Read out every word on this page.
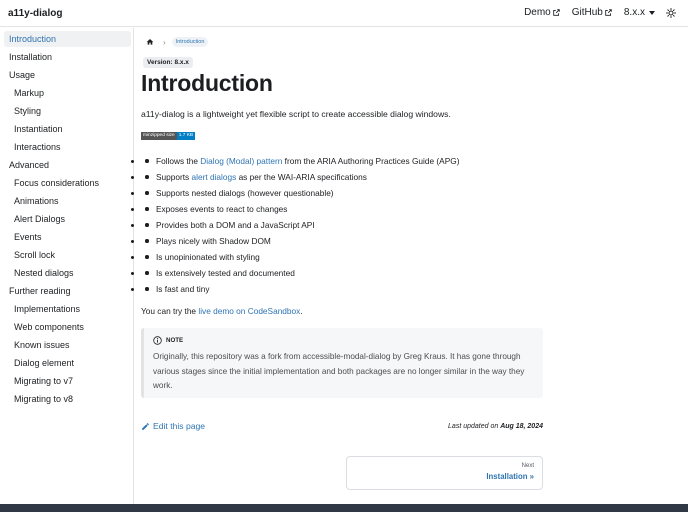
a11y-dialog	Demo GitHub 8.x.x
Introduction
Installation
Usage
Markup
Styling
Instantiation
Interactions
Advanced
Focus considerations
Animations
Alert Dialogs
Events
Scroll lock
Nested dialogs
Further reading
Implementations
Web components
Known issues
Dialog element
Migrating to v7
Migrating to v8
›	Introduction
Version: 8.x.x
Introduction

a11y-dialog is a lightweight yet flexible script to create accessible dialog windows.

minzipped size 1.7 KB
• Follows the Dialog (Modal) pattern from the ARIA Authoring Practices Guide (APG)
• Supports alert dialogs as per the WAI-ARIA specifications
• Supports nested dialogs (however questionable)
• Exposes events to react to changes
• Provides both a DOM and a JavaScript API
• Plays nicely with Shadow DOM
• Is unopinionated with styling
• Is extensively tested and documented
• Is fast and tiny

You can try the live demo on CodeSandbox.

NOTE

Originally, this repository was a fork from accessible-modal-dialog by Greg Kraus. It has gone through various stages since the initial implementation and both packages are no longer similar in the way they work.

Edit this page	Last updated on Aug 18, 2024
Next
Installation »
